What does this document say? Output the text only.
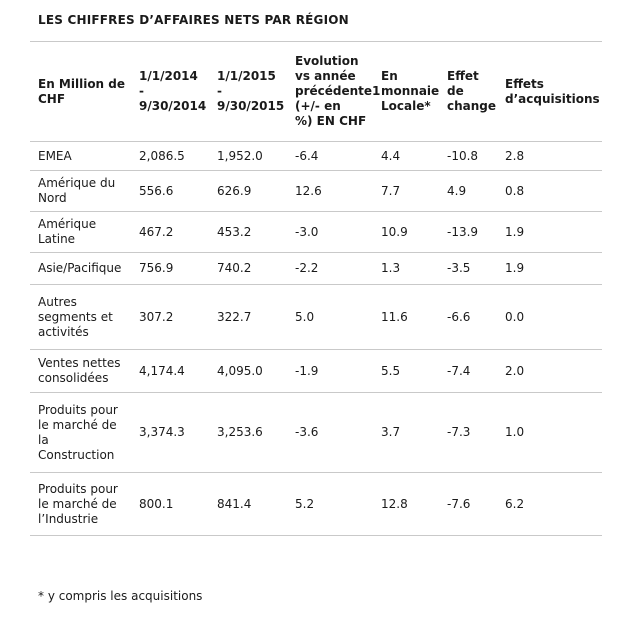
LES CHIFFRES D’AFFAIRES NETS PAR RÉGION
En Million de
CHF	1/1/2014 -
9/30/2014	1/1/2015 -
9/30/2015	Evolution
vs année
précédente1
(+/- en
%) EN CHF	En
monnaie
Locale*	Effet
de
change	Effets
d’acquisitions
EMEA	2,086.5	1,952.0	-6.4	4.4	-10.8	2.8
Amérique du
Nord	556.6	626.9	12.6	7.7	4.9	0.8
Amérique
Latine	467.2	453.2	-3.0	10.9	-13.9	1.9
Asie/Pacifique	756.9	740.2	-2.2	1.3	-3.5	1.9
Autres
segments et
activités	307.2	322.7	5.0	11.6	-6.6	0.0
Ventes nettes
consolidées	4,174.4	4,095.0	-1.9	5.5	-7.4	2.0
Produits pour
le marché de
la
Construction	3,374.3	3,253.6	-3.6	3.7	-7.3	1.0
Produits pour
le marché de
l’Industrie	800.1	841.4	5.2	12.8	-7.6	6.2
* y compris les acquisitions
